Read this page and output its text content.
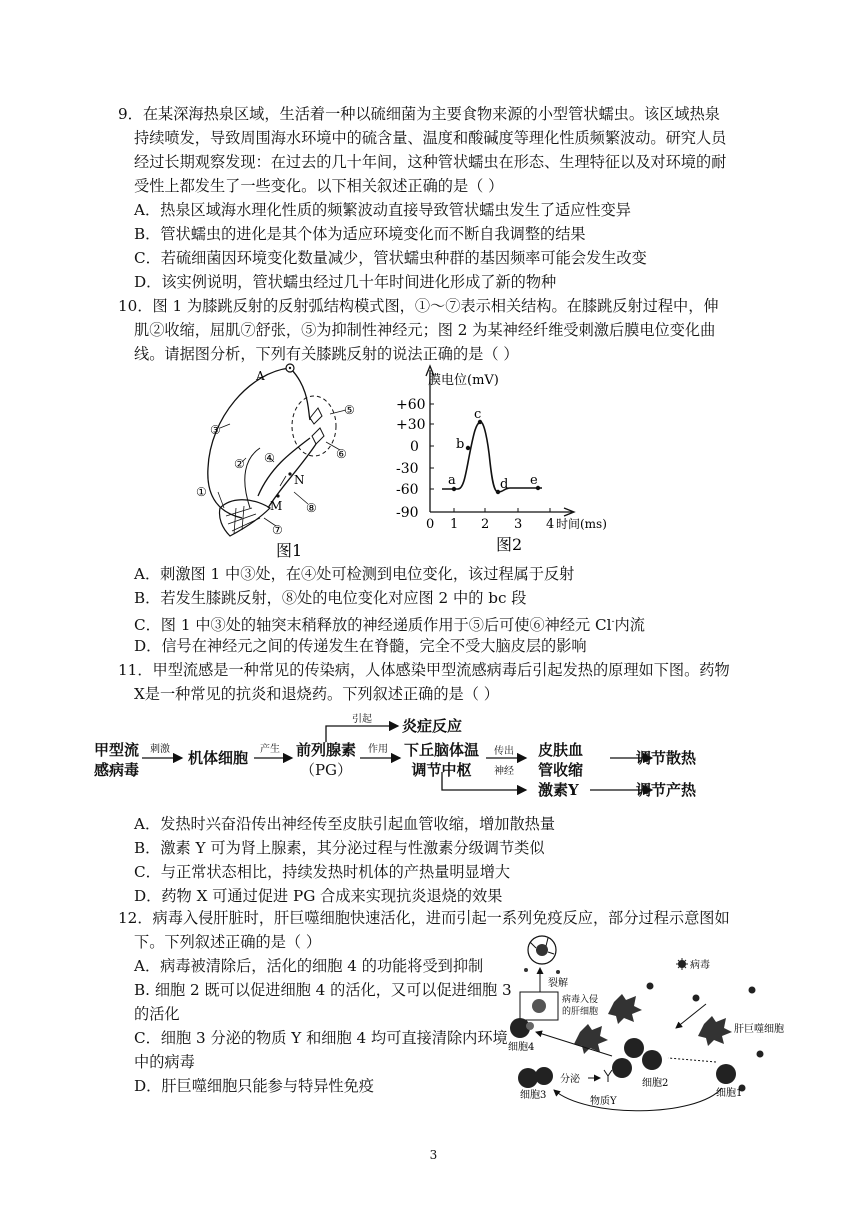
9．在某深海热泉区域，生活着一种以硫细菌为主要食物来源的小型管状蠕虫。该区域热泉
持续喷发，导致周围海水环境中的硫含量、温度和酸碱度等理化性质频繁波动。研究人员
经过长期观察发现：在过去的几十年间，这种管状蠕虫在形态、生理特征以及对环境的耐
受性上都发生了一些变化。以下相关叙述正确的是（ ）
A．热泉区域海水理化性质的频繁波动直接导致管状蠕虫发生了适应性变异
B．管状蠕虫的进化是其个体为适应环境变化而不断自我调整的结果
C．若硫细菌因环境变化数量减少，管状蠕虫种群的基因频率可能会发生改变
D．该实例说明，管状蠕虫经过几十年时间进化形成了新的物种
10．图 1 为膝跳反射的反射弧结构模式图，①～⑦表示相关结构。在膝跳反射过程中，伸
肌②收缩，屈肌⑦舒张，⑤为抑制性神经元；图 2 为某神经纤维受刺激后膜电位变化曲
线。请据图分析，下列有关膝跳反射的说法正确的是（ ）
A
③
② ④
①
M
N
⑤
⑥
⑦
⑧
图1
膜电位(mV)
+60
+30
0
-30
-60
-90
0 1 2 3 4 时间(ms)
a
b
c
d e
图2
A．刺激图 1 中③处，在④处可检测到电位变化，该过程属于反射
B．若发生膝跳反射，⑧处的电位变化对应图 2 中的 bc 段
C．图 1 中③处的轴突末稍释放的神经递质作用于⑤后可使⑥神经元 Cl-内流
D．信号在神经元之间的传递发生在脊髓，完全不受大脑皮层的影响
11．甲型流感是一种常见的传染病，人体感染甲型流感病毒后引起发热的原理如下图。药物
X是一种常见的抗炎和退烧药。下列叙述正确的是（ ）
甲型流
感病毒
刺激 机体细胞 产生 前列腺素
（PG）
作用
引起 炎症反应
下丘脑体温
调节中枢
传出
神经
皮肤血
管收缩
调节散热
激素Y	调节产热
A．发热时兴奋沿传出神经传至皮肤引起血管收缩，增加散热量
B．激素 Y 可为肾上腺素，其分泌过程与性激素分级调节类似
C．与正常状态相比，持续发热时机体的产热量明显增大
D．药物 X 可通过促进 PG 合成来实现抗炎退烧的效果
12．病毒入侵肝脏时，肝巨噬细胞快速活化，进而引起一系列免疫反应，部分过程示意图如
下。下列叙述正确的是（ ）
A．病毒被清除后，活化的细胞 4 的功能将受到抑制
B. 细胞 2 既可以促进细胞 4 的活化，又可以促进细胞 3
的活化
C．细胞 3 分泌的物质 Y 和细胞 4 均可直接清除内环境
中的病毒
D．肝巨噬细胞只能参与特异性免疫
裂解
病毒
病毒入侵
的肝细胞
肝巨噬细胞
细胞4
细胞2
细胞1
细胞3
分泌
物质Y
3
